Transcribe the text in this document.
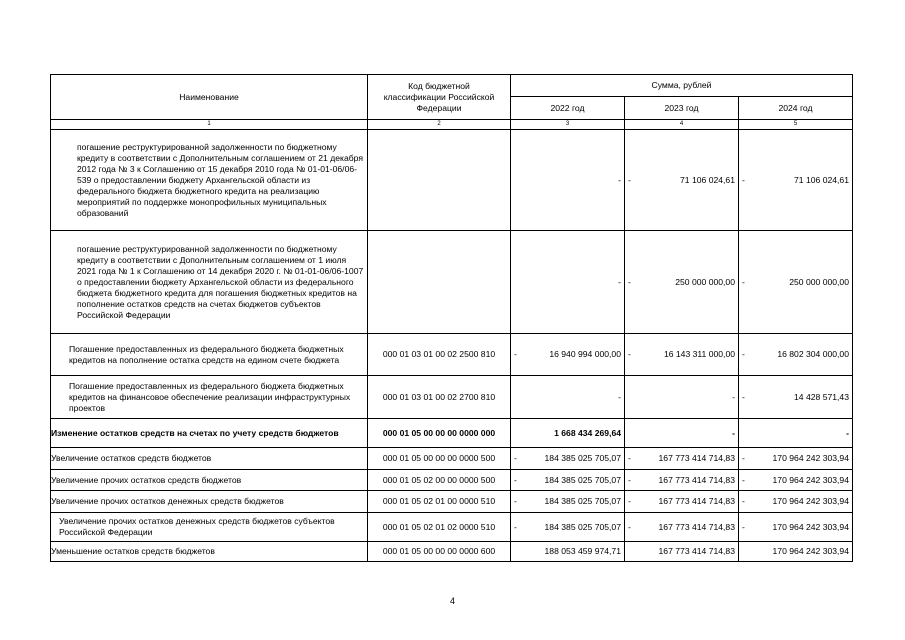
Наименование	Код бюджетной классификации Российской Федерации	Сумма, рублей		
		2022 год	2023 год	2024 год
1	2	3	4	5
погашение реструктурированной задолженности по бюджетному кредиту в соответствии с Дополнительным соглашением от 21 декабря 2012 года № 3 к Соглашению от 15 декабря 2010 года № 01-01-06/06-539 о предоставлении бюджету Архангельской области из федерального бюджета бюджетного кредита на реализацию мероприятий по поддержке монопрофильных муниципальных образований		-	- 71 106 024,61	- 71 106 024,61

погашение реструктурированной задолженности по бюджетному кредиту в соответствии с Дополнительным соглашением от 1 июля 2021 года № 1 к Соглашению от 14 декабря 2020 г. № 01-01-06/06-1007 о предоставлении бюджету Архангельской области из федерального бюджета бюджетного кредита для погашения бюджетных кредитов на пополнение остатков средств на счетах бюджетов субъектов Российской Федерации		-	- 250 000 000,00	- 250 000 000,00

Погашение предоставленных из федерального бюджета бюджетных кредитов на пополнение остатка средств на едином счете бюджета	000 01 03 01 00 02 2500 810	- 16 940 994 000,00	- 16 143 311 000,00	- 16 802 304 000,00

Погашение предоставленных из федерального бюджета бюджетных кредитов на финансовое обеспечение реализации инфраструктурных проектов	000 01 03 01 00 02 2700 810	-	-	- 14 428 571,43

Изменение остатков средств на счетах по учету средств бюджетов	000 01 05 00 00 00 0000 000	1 668 434 269,64	-	-

Увеличение остатков средств бюджетов	000 01 05 00 00 00 0000 500	- 184 385 025 705,07	- 167 773 414 714,83	- 170 964 242 303,94

Увеличение прочих остатков средств бюджетов	000 01 05 02 00 00 0000 500	- 184 385 025 705,07	- 167 773 414 714,83	- 170 964 242 303,94

Увеличение прочих остатков денежных средств бюджетов	000 01 05 02 01 00 0000 510	- 184 385 025 705,07	- 167 773 414 714,83	- 170 964 242 303,94

Увеличение прочих остатков денежных средств бюджетов субъектов Российской Федерации	000 01 05 02 01 02 0000 510	- 184 385 025 705,07	- 167 773 414 714,83	- 170 964 242 303,94

Уменьшение остатков средств бюджетов	000 01 05 00 00 00 0000 600	188 053 459 974,71	167 773 414 714,83	170 964 242 303,94
4
